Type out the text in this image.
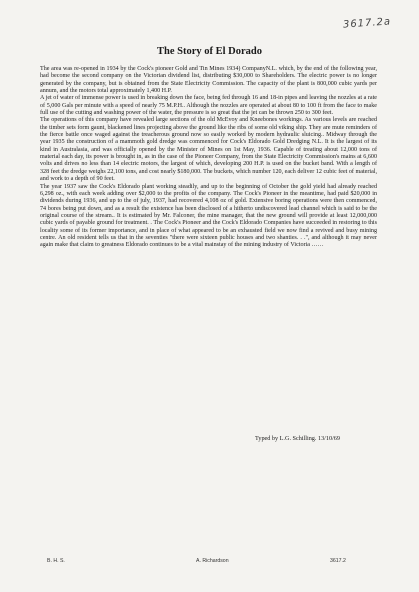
3617.2a
The Story of El Dorado

The area was re-opened in 1934 by the Cock's pioneer Gold and Tin Mines 1934) CompanyN.L. which, by the end of the following year, had become the second company on the Victorian dividend list, distributing $30,000 to Shareholders. The electric power is no longer generated by the company, but is obtained from the State Electricity Commission. The capacity of the plant is 800,000 cubic yards per annum, and the motors total approximately 1,400 H.P.

A jet of water of immense power is used in breaking down the face, being fed through 16 and 18-in pipes and leaving the nozzles at a rate of 5,000 Gals per minute with a speed of nearly 75 M.P.H.. Although the nozzles are operated at about 80 to 100 ft from the face to make full use of the cutting and washing power of the water, the pressure is so great that the jet can be thrown 250 to 300 feet.

The operations of this company have revealed large sections of the old McEvoy and Kneebones workings. As various levels are reached the timber sets form gaunt, blackened lines projecting above the ground like the ribs of some old viking ship. They are mute reminders of the fierce battle once waged against the treacherous ground now so easily worked by modern hydraulic sluicing.. Midway through the year 1935 the construction of a mammoth gold dredge was commenced for Cock's Eldorado Gold Dredging N.L. It is the largest of its kind in Australasia, and was officially opened by the Minister of Mines on 1st May, 1936. Capable of treating about 12,000 tons of material each day, its power is brought in, as in the case of the Pioneer Company, from the State Electricity Commission's mains at 6,600 volts and drives no less than 14 electric motors, the largest of which, developing 200 H.P. is used on the bucket band. With a length of 328 feet the dredge weighs 22,100 tons, and cost nearly $180,000. The buckets, which number 120, each deliver 12 cubic feet of material, and work to a depth of 90 feet.

The year 1937 saw the Cock's Eldorado plant working steadily, and up to the beginning of October the gold yield had already reached 6,298 oz., with each week adding over $2,000 to the profits of the company. The Cock's Pioneer in the meantime, had paid $20,000 in dividends during 1936, and up to the of july, 1937, had recovered 4,108 oz of gold. Extensive boring operations were then commenced, 74 bores being put down, and as a result the existence has been disclosed of a hitherto undiscovered lead channel which is said to be the original course of the stream.. It is estimated by Mr. Falconer, the mine manager, that the new ground will provide at least 12,000,000 cubic yards of payable ground for treatment. . The Cock's Pioneer and the Cock's Eldorado Companies have succeeded in restoring to this locality some of its former importance, and in place of what appeared to be an exhausted field we now find a revived and busy mining centre. An old resident tells us that in the seventies "there were sixteen public houses and two shanties. . .", and although it may never again make that claim to greatness Eldorado continues to be a vital mainstay of the mining industry of Victoria ……

Typed by L.G. Schilling. 13/10/69
B. H. S.	A. Richardson	3617.2
